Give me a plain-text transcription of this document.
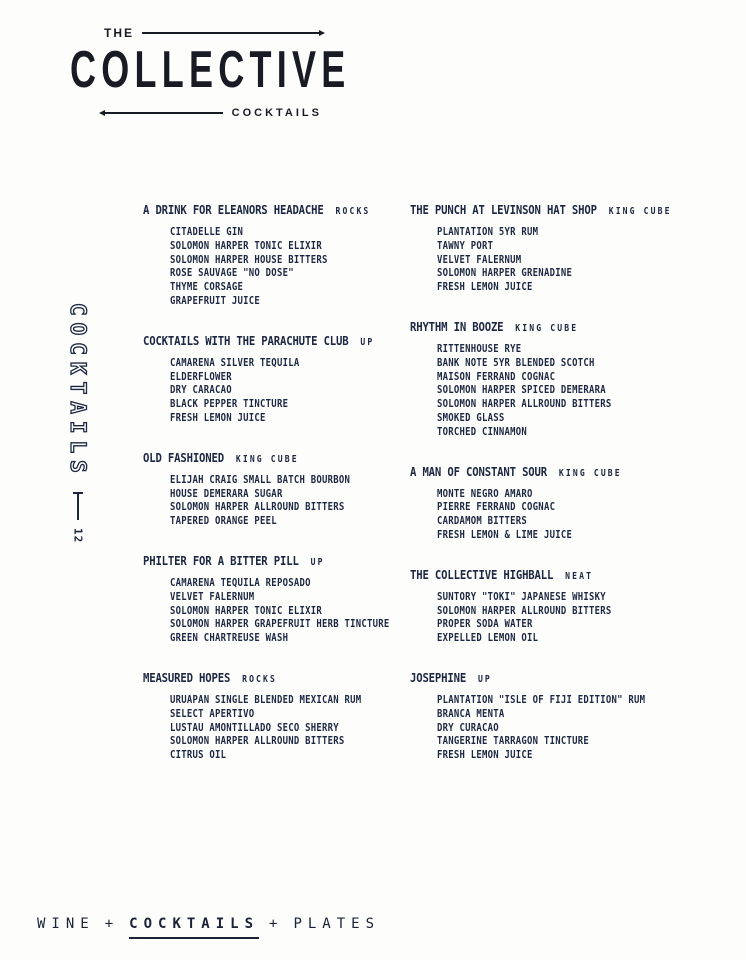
THE
COLLECTIVE
COCKTAILS
COCKTAILS
12
A DRINK FOR ELEANORS HEADACHE ROCKS
CITADELLE GIN
SOLOMON HARPER TONIC ELIXIR
SOLOMON HARPER HOUSE BITTERS
ROSE SAUVAGE "NO DOSE"
THYME CORSAGE
GRAPEFRUIT JUICE
COCKTAILS WITH THE PARACHUTE CLUB UP
CAMARENA SILVER TEQUILA
ELDERFLOWER
DRY CARACAO
BLACK PEPPER TINCTURE
FRESH LEMON JUICE
OLD FASHIONED KING CUBE
ELIJAH CRAIG SMALL BATCH BOURBON
HOUSE DEMERARA SUGAR
SOLOMON HARPER ALLROUND BITTERS
TAPERED ORANGE PEEL
PHILTER FOR A BITTER PILL UP
CAMARENA TEQUILA REPOSADO
VELVET FALERNUM
SOLOMON HARPER TONIC ELIXIR
SOLOMON HARPER GRAPEFRUIT HERB TINCTURE
GREEN CHARTREUSE WASH
MEASURED HOPES ROCKS
URUAPAN SINGLE BLENDED MEXICAN RUM
SELECT APERTIVO
LUSTAU AMONTILLADO SECO SHERRY
SOLOMON HARPER ALLROUND BITTERS
CITRUS OIL
THE PUNCH AT LEVINSON HAT SHOP KING CUBE
PLANTATION 5YR RUM
TAWNY PORT
VELVET FALERNUM
SOLOMON HARPER GRENADINE
FRESH LEMON JUICE
RHYTHM IN BOOZE KING CUBE
RITTENHOUSE RYE
BANK NOTE 5YR BLENDED SCOTCH
MAISON FERRAND COGNAC
SOLOMON HARPER SPICED DEMERARA
SOLOMON HARPER ALLROUND BITTERS
SMOKED GLASS
TORCHED CINNAMON
A MAN OF CONSTANT SOUR KING CUBE
MONTE NEGRO AMARO
PIERRE FERRAND COGNAC
CARDAMOM BITTERS
FRESH LEMON & LIME JUICE
THE COLLECTIVE HIGHBALL NEAT
SUNTORY "TOKI" JAPANESE WHISKY
SOLOMON HARPER ALLROUND BITTERS
PROPER SODA WATER
EXPELLED LEMON OIL
JOSEPHINE UP
PLANTATION "ISLE OF FIJI EDITION" RUM
BRANCA MENTA
DRY CURACAO
TANGERINE TARRAGON TINCTURE
FRESH LEMON JUICE
WINE + COCKTAILS + PLATES
